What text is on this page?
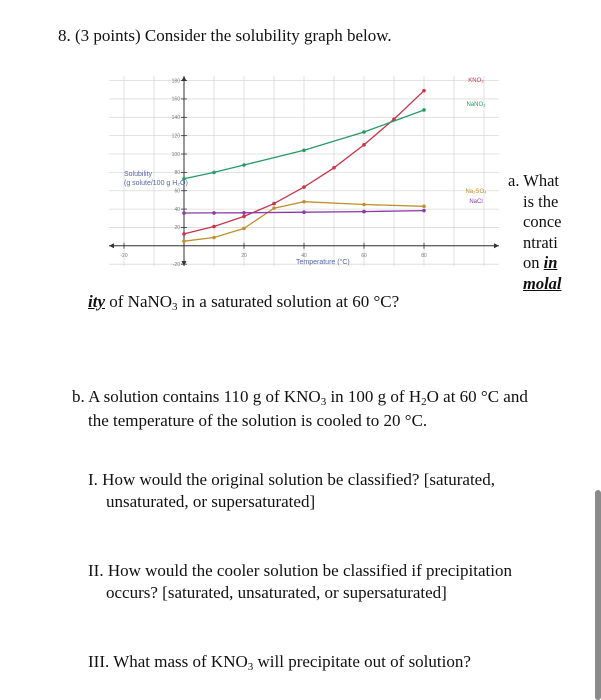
8. (3 points) Consider the solubility graph below.
-20	20	40	60	80
-20
20
40
60
80
100
120
140
160
180
Solubility
(g solute/100 g H₂O)
Temperature (°C)
KNO₃
NaNO₃
Na₂SO₄
NaCl
a. What
is the
conce
ntrati
on in
molal
ity of NaNO$_3$ in a saturated solution at 60 °C?
b. A solution contains 110 g of $KNO_3$ in 100 g of $H_2O$ at 60 °C and
the temperature of the solution is cooled to 20 °C.
I. How would the original solution be classified? [saturated,
unsaturated, or supersaturated]
II. How would the cooler solution be classified if precipitation
occurs? [saturated, unsaturated, or supersaturated]
III. What mass of $KNO_3$ will precipitate out of solution?
